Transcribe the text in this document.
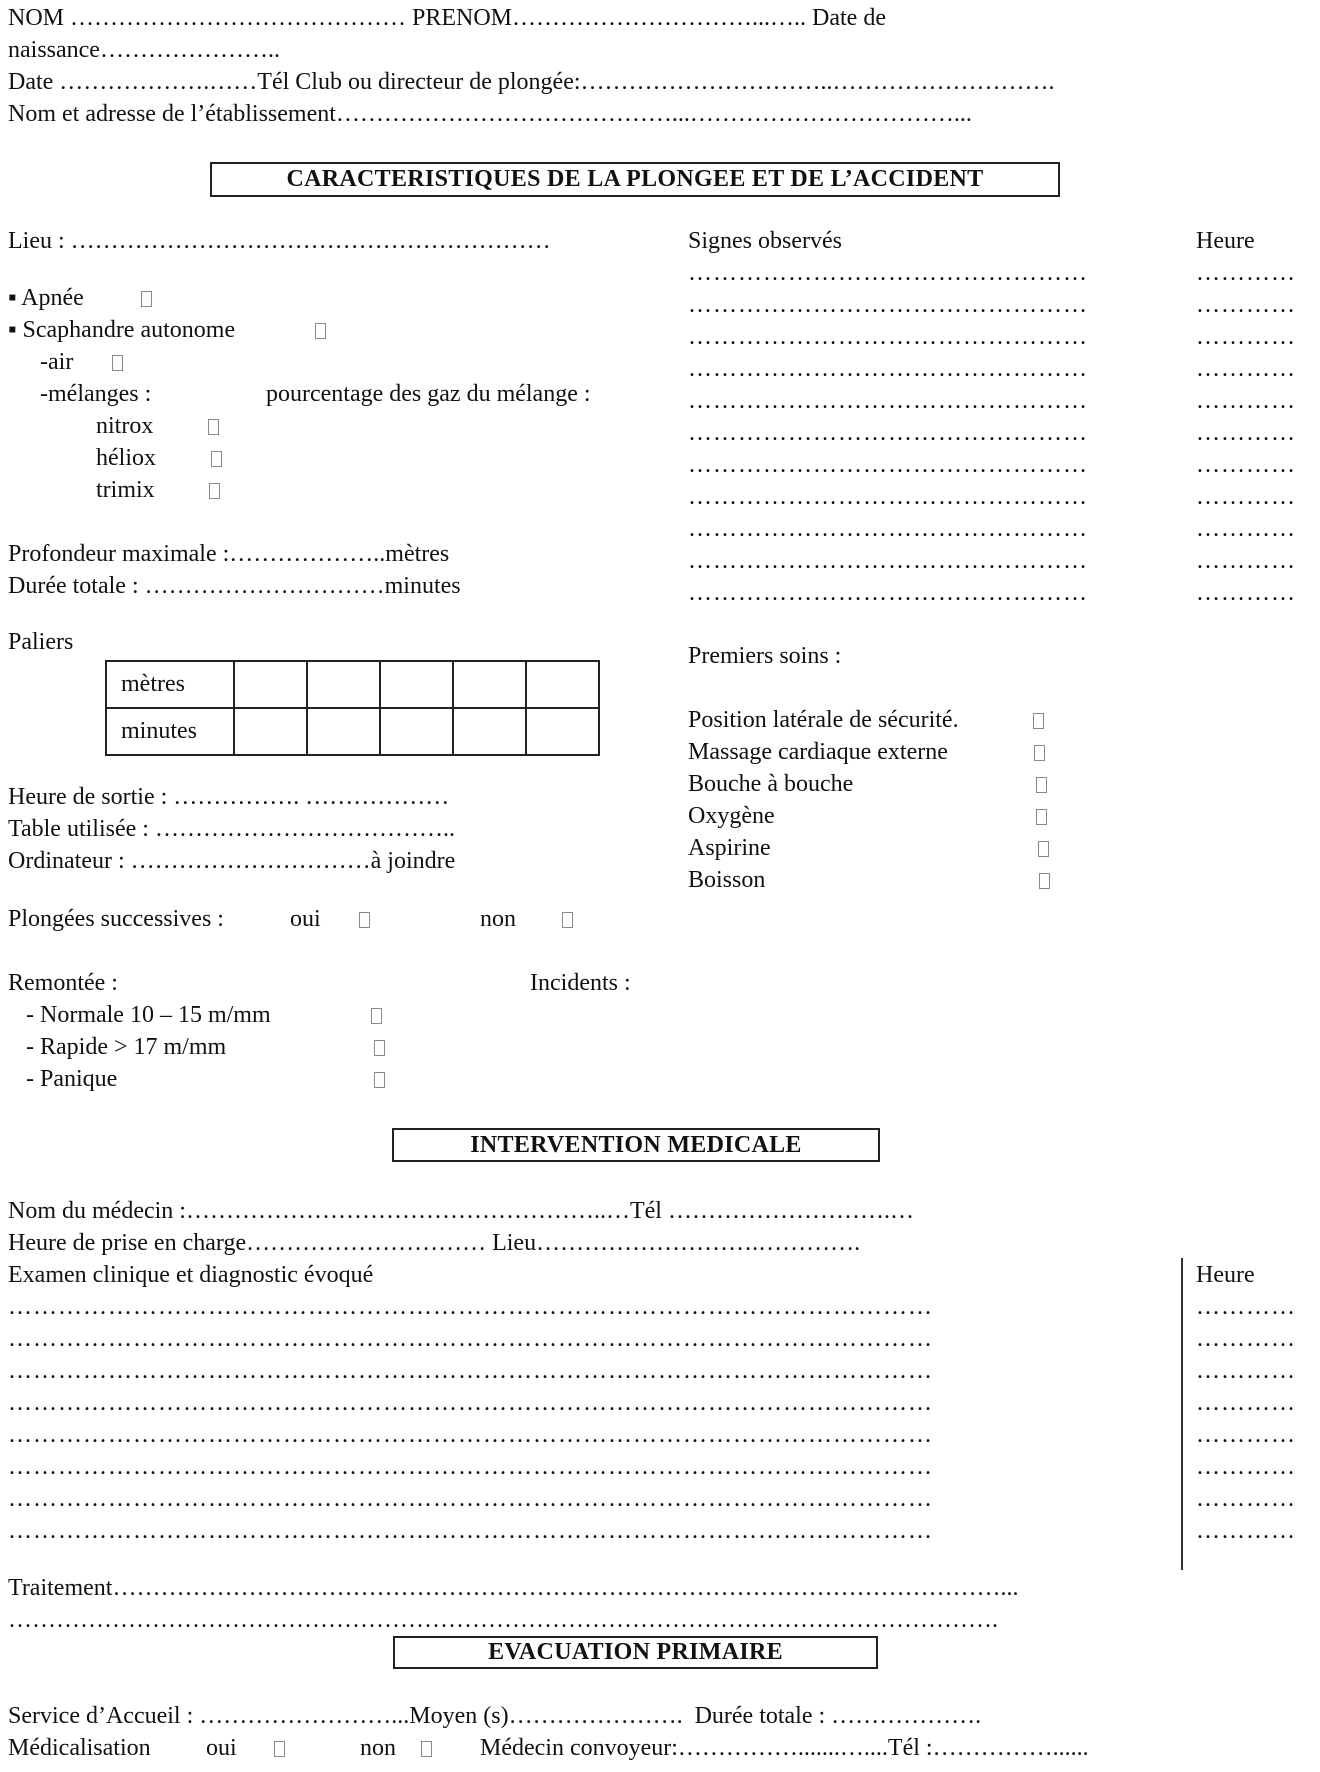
NOM …………………………………… PRENOM…………………………...….. Date de
naissance…………………..
Date ……………….……Tél Club ou directeur de plongée:…………………………..……………………….
Nom et adresse de l’établissement……………………………………...……………………………...
CARACTERISTIQUES DE LA PLONGEE ET DE L’ACCIDENT
Lieu : ……………………………………………………
▪ Apnée
▪ Scaphandre autonome
-air
-mélanges :	pourcentage des gaz du mélange :
nitrox
héliox
trimix
Profondeur maximale :………………..mètres
Durée totale : …………………………minutes
Paliers
mètres					
minutes					
Heure de sortie : ……………. ………………
Table utilisée : ………………………………..
Ordinateur : …………………………à joindre
Plongées successives :	oui	non
Remontée :	Incidents :
- Normale 10 – 15 m/mm
- Rapide > 17 m/mm
- Panique
Signes observés	Heure
…………………………………………	…………
…………………………………………	…………
…………………………………………	…………
…………………………………………	…………
…………………………………………	…………
…………………………………………	…………
…………………………………………	…………
…………………………………………	…………
…………………………………………	…………
…………………………………………	…………
…………………………………………	…………
Premiers soins :
Position latérale de sécurité.
Massage cardiaque externe
Bouche à bouche
Oxygène
Aspirine
Boisson
INTERVENTION MEDICALE
Nom du médecin :……………………………………………..…Tél ……………………….…
Heure de prise en charge………………………… Lieu……………………….………….
Examen clinique et diagnostic évoqué	Heure
…………………………………………………………………………………………………	…………
…………………………………………………………………………………………………	…………
…………………………………………………………………………………………………	…………
…………………………………………………………………………………………………	…………
…………………………………………………………………………………………………	…………
…………………………………………………………………………………………………	…………
…………………………………………………………………………………………………	…………
…………………………………………………………………………………………………	…………
Traitement…………………………………………………………………………………………………...
…………………………………………………………………………………………………………….
EVACUATION PRIMAIRE
Service d’Accueil : ……………………...Moyen (s)………………….  Durée totale : ……………….
Médicalisation oui	non	Médecin convoyeur:…………….......…....Tél :……………......
